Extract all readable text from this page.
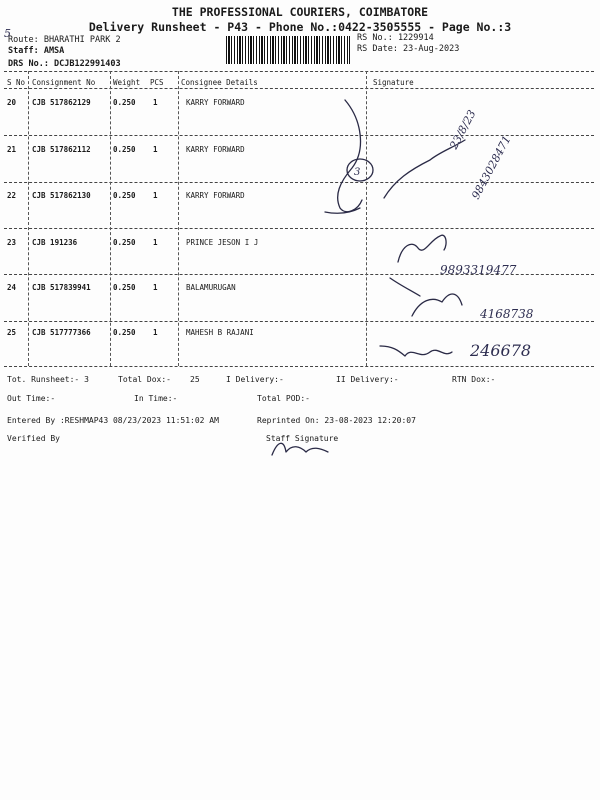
THE PROFESSIONAL COURIERS, COIMBATORE
Delivery Runsheet - P43 - Phone No.:0422-3505555 - Page No.:3
Route: BHARATHI PARK 2
Staff: AMSA
DRS No.: DCJB122991403
RS No.: 1229914
RS Date: 23-Aug-2023
S No Consignment No Weight PCS Consignee Details	Signature
20 CJB 517862129	0.250 1	KARRY FORWARD
21 CJB 517862112	0.250 1	KARRY FORWARD
22 CJB 517862130	0.250 1	KARRY FORWARD
23 CJB 191236	0.250 1	PRINCE JESON I J
24 CJB 517839941	0.250 1	BALAMURUGAN
25 CJB 517777366	0.250 1	MAHESH B RAJANI
5
3
23/8/23
9843028471
9893319477
4168738
246678
Tot. Runsheet:- 3	Total Dox:- 25	I Delivery:-	II Delivery:-	RTN Dox:-
Out Time:-	In Time:-	Total POD:-
Entered By :RESHMAP43 08/23/2023 11:51:02 AM	Reprinted On: 23-08-2023 12:20:07
Verified By	Staff Signature
